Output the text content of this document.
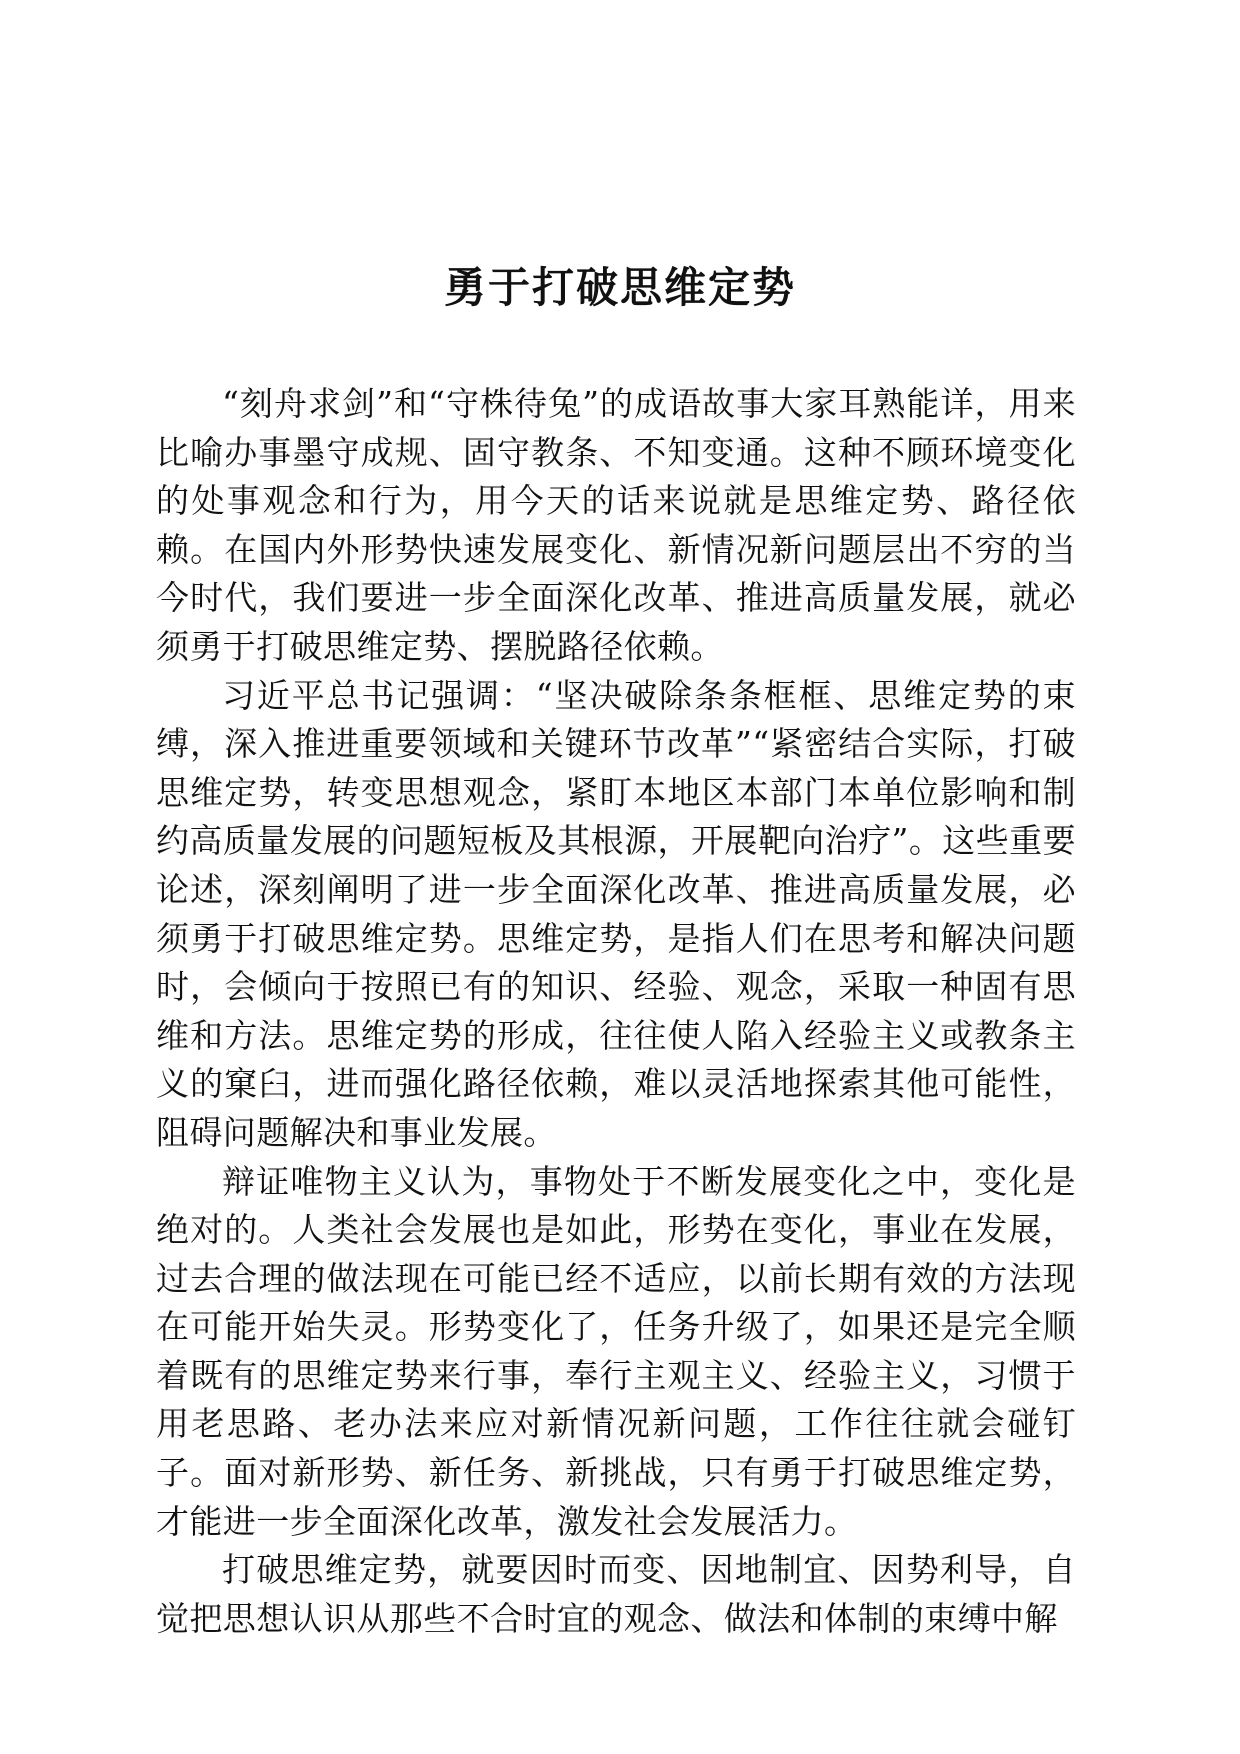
勇于打破思维定势

“刻舟求剑”和“守株待兔”的成语故事大家耳熟能详，用来比喻办事墨守成规、固守教条、不知变通。这种不顾环境变化的处事观念和行为，用今天的话来说就是思维定势、路径依赖。在国内外形势快速发展变化、新情况新问题层出不穷的当今时代，我们要进一步全面深化改革、推进高质量发展，就必须勇于打破思维定势、摆脱路径依赖。

习近平总书记强调：“坚决破除条条框框、思维定势的束缚，深入推进重要领域和关键环节改革”“紧密结合实际，打破思维定势，转变思想观念，紧盯本地区本部门本单位影响和制约高质量发展的问题短板及其根源，开展靶向治疗”。这些重要论述，深刻阐明了进一步全面深化改革、推进高质量发展，必须勇于打破思维定势。思维定势，是指人们在思考和解决问题时，会倾向于按照已有的知识、经验、观念，采取一种固有思维和方法。思维定势的形成，往往使人陷入经验主义或教条主义的窠臼，进而强化路径依赖，难以灵活地探索其他可能性，阻碍问题解决和事业发展。

辩证唯物主义认为，事物处于不断发展变化之中，变化是绝对的。人类社会发展也是如此，形势在变化，事业在发展，过去合理的做法现在可能已经不适应，以前长期有效的方法现在可能开始失灵。形势变化了，任务升级了，如果还是完全顺着既有的思维定势来行事，奉行主观主义、经验主义，习惯于用老思路、老办法来应对新情况新问题，工作往往就会碰钉子。面对新形势、新任务、新挑战，只有勇于打破思维定势，才能进一步全面深化改革，激发社会发展活力。

打破思维定势，就要因时而变、因地制宜、因势利导，自觉把思想认识从那些不合时宜的观念、做法和体制的束缚中解
